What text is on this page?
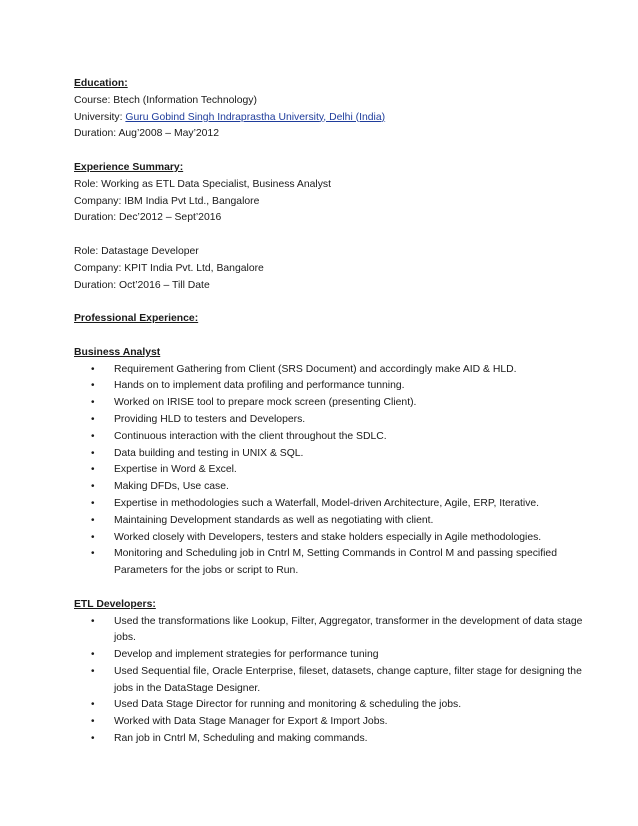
Education:
Course: Btech (Information Technology)
University: Guru Gobind Singh Indraprastha University, Delhi (India)
Duration: Aug’2008 – May’2012
Experience Summary:
Role: Working as ETL Data Specialist, Business Analyst
Company: IBM India Pvt Ltd., Bangalore
Duration: Dec’2012 – Sept’2016
Role: Datastage Developer
Company: KPIT India Pvt. Ltd, Bangalore
Duration: Oct’2016 – Till Date
Professional Experience:
Business Analyst
• Requirement Gathering from Client (SRS Document) and accordingly make AID & HLD.
• Hands on to implement data profiling and performance tunning.
• Worked on IRISE tool to prepare mock screen (presenting Client).
• Providing HLD to testers and Developers.
• Continuous interaction with the client throughout the SDLC.
• Data building and testing in UNIX & SQL.
• Expertise in Word & Excel.
• Making DFDs, Use case.
• Expertise in methodologies such a Waterfall, Model-driven Architecture, Agile, ERP, Iterative.
• Maintaining Development standards as well as negotiating with client.
• Worked closely with Developers, testers and stake holders especially in Agile methodologies.
• Monitoring and Scheduling job in Cntrl M, Setting Commands in Control M and passing specified Parameters for the jobs or script to Run.
ETL Developers:
• Used the transformations like Lookup, Filter, Aggregator, transformer in the development of data stage jobs.
• Develop and implement strategies for performance tuning
• Used Sequential file, Oracle Enterprise, fileset, datasets, change capture, filter stage for designing the jobs in the DataStage Designer.
• Used Data Stage Director for running and monitoring & scheduling the jobs.
• Worked with Data Stage Manager for Export & Import Jobs.
• Ran job in Cntrl M, Scheduling and making commands.
